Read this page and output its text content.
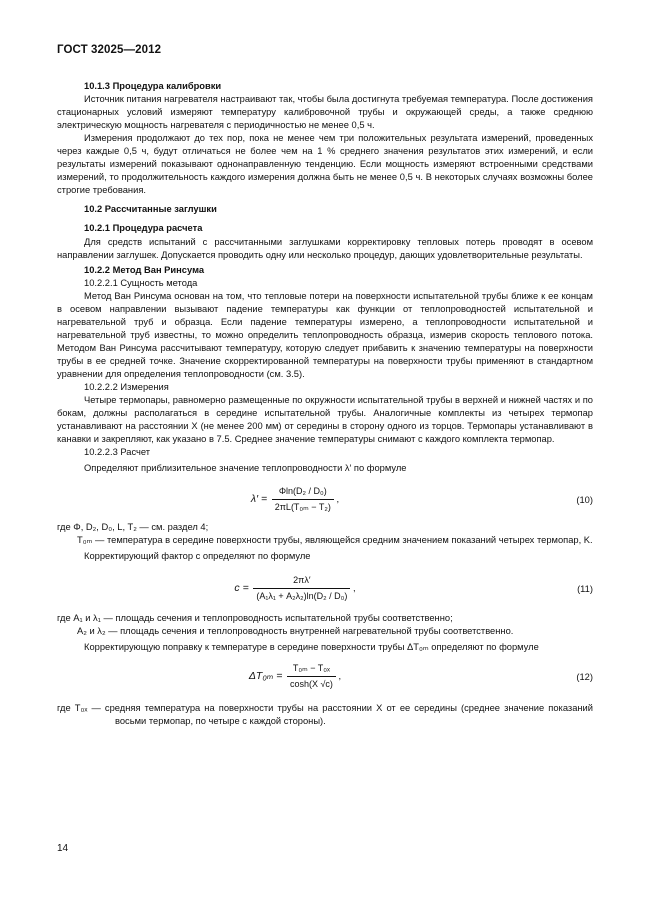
ГОСТ 32025—2012

10.1.3 Процедура калибровки

Источник питания нагревателя настраивают так, чтобы была достигнута требуемая температура. После достижения стационарных условий измеряют температуру калибровочной трубы и окружающей среды, а также среднюю электрическую мощность нагревателя с периодичностью не менее 0,5 ч.

Измерения продолжают до тех пор, пока не менее чем три положительных результата измерений, проведенных через каждые 0,5 ч, будут отличаться не более чем на 1 % среднего значения результатов этих измерений, и если результаты измерений показывают однонаправленную тенденцию. Если мощность измеряют встроенными средствами измерений, то продолжительность каждого измерения должна быть не менее 0,5 ч. В некоторых случаях возможны более строгие требования.

10.2 Рассчитанные заглушки

10.2.1 Процедура расчета

Для средств испытаний с рассчитанными заглушками корректировку тепловых потерь проводят в осевом направлении заглушек. Допускается проводить одну или несколько процедур, дающих удовлетворительные результаты.

10.2.2 Метод Ван Ринсума

10.2.2.1 Сущность метода

Метод Ван Ринсума основан на том, что тепловые потери на поверхности испытательной трубы ближе к ее концам в осевом направлении вызывают падение температуры как функции от теплопроводностей испытательной и нагревательной труб и образца. Если падение температуры измерено, а теплопроводности испытательной и нагревательной труб известны, то можно определить теплопроводность образца, измерив скорость теплового потока. Методом Ван Ринсума рассчитывают температуру, которую следует прибавить к значению температуры на поверхности трубы в ее средней точке. Значение скорректированной температуры на поверхности трубы применяют в стандартном уравнении для определения теплопроводности (см. 3.5).

10.2.2.2 Измерения

Четыре термопары, равномерно размещенные по окружности испытательной трубы в верхней и нижней частях и по бокам, должны располагаться в середине испытательной трубы. Аналогичные комплекты из четырех термопар устанавливают на расстоянии X (не менее 200 мм) от середины в сторону одного из торцов. Термопары устанавливают в канавки и закрепляют, как указано в 7.5. Среднее значение температуры снимают с каждого комплекта термопар.

10.2.2.3 Расчет

Определяют приблизительное значение теплопроводности λ′ по формуле

$\lambda' = \frac{\text{Φln(D₂ / D₀)}}{\text{2πL(T₀ₘ − T₂)}}$ ,	(10)

где Φ, D₂, D₀, L, T₂ — см. раздел 4;

T₀ₘ — температура в середине поверхности трубы, являющейся средним значением показаний четырех термопар, K.

Корректирующий фактор c определяют по формуле

$c = \frac{2\pi\lambda'}{\text{(A₁λ₁ + A₂λ₂)ln(D₂ / D₀)}}$ ,	(11)

где A₁ и λ₁ — площадь сечения и теплопроводность испытательной трубы соответственно;

A₂ и λ₂ — площадь сечения и теплопроводность внутренней нагревательной трубы соответственно.

Корректирующую поправку к температуре в середине поверхности трубы ΔT₀ₘ определяют по формуле

$\Delta T_{0m} = \frac{\text{T₀ₘ − T₀ₓ}}{\cosh(X √c)}$ ,	(12)

где T₀ₓ — средняя температура на поверхности трубы на расстоянии X от ее середины (среднее значение показаний восьми термопар, по четыре с каждой стороны).

14
